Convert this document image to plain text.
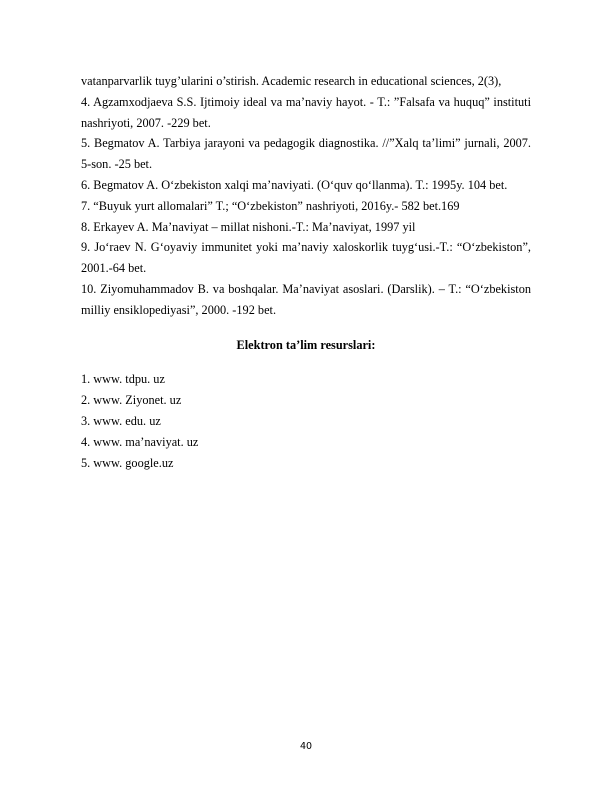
vatanparvarlik tuyg’ularini o’stirish. Academic research in educational sciences, 2(3),

4. Agzamxodjaeva S.S. Ijtimoiy ideal va ma’naviy hayot. - T.: ”Falsafa va huquq” instituti nashriyoti, 2007. -229 bet.

5. Begmatov A. Tarbiya jarayoni va pedagogik diagnostika. //”Xalq ta’limi” jurnali, 2007. 5-son. -25 bet.

6. Begmatov A. O‘zbekiston xalqi ma’naviyati. (O‘quv qo‘llanma). T.: 1995y. 104 bet.

7. “Buyuk yurt allomalari” T.; “O‘zbekiston” nashriyoti, 2016y.- 582 bet.169

8. Erkayev A. Ma’naviyat – millat nishoni.-T.: Ma’naviyat, 1997 yil

9. Jo‘raev N. G‘oyaviy immunitet yoki ma’naviy xaloskorlik tuyg‘usi.-T.: “O‘zbekiston”, 2001.-64 bet.

10. Ziyomuhammadov B. va boshqalar. Ma’naviyat asoslari. (Darslik). – T.: “O‘zbekiston milliy ensiklopediyasi”, 2000. -192 bet.

Elektron ta’lim resurslari:

1. www. tdpu. uz
2. www. Ziyonet. uz
3. www. edu. uz
4. www. ma’naviyat. uz
5. www. google.uz
40
